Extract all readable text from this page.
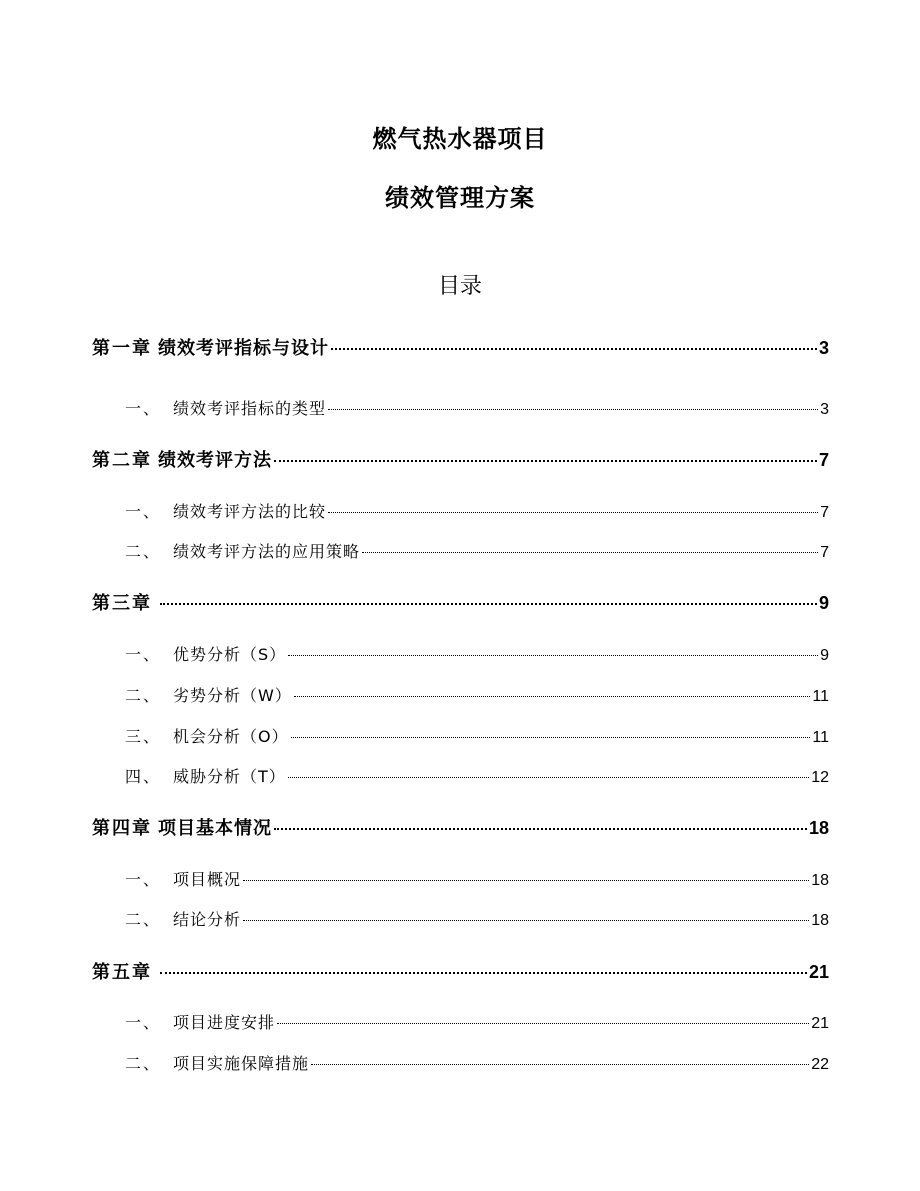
燃气热水器项目
绩效管理方案
目录
第一章 绩效考评指标与设计	3
一、 绩效考评指标的类型	3
第二章 绩效考评方法	7
一、 绩效考评方法的比较	7
二、 绩效考评方法的应用策略	7
第三章	9
一、 优势分析（S）	9
二、 劣势分析（W）	11
三、 机会分析（O）	11
四、 威胁分析（T）	12
第四章 项目基本情况	18
一、 项目概况	18
二、 结论分析	18
第五章	21
一、 项目进度安排	21
二、 项目实施保障措施	22
